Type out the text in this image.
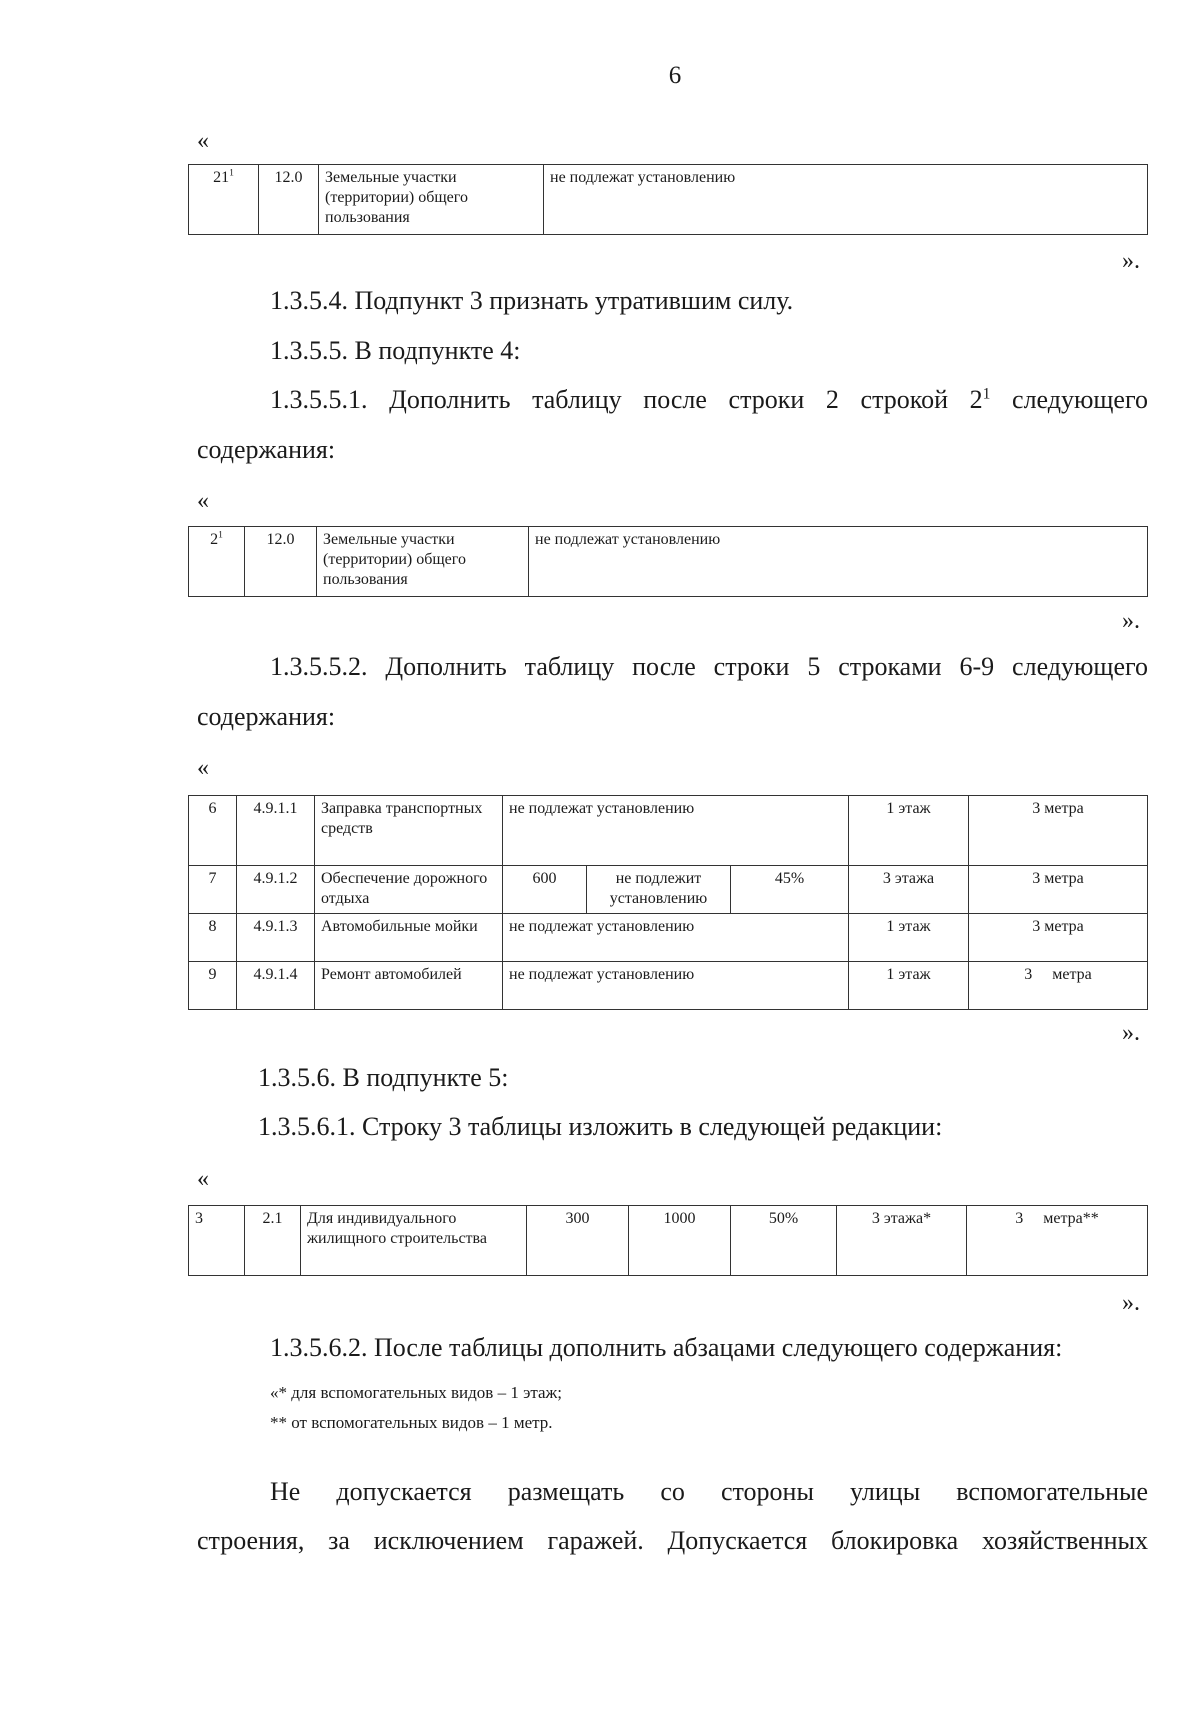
6
«
$21^1$	12.0	Земельные участки (территории) общего пользования	не подлежат установлению
».
1.3.5.4. Подпункт 3 признать утратившим силу.
1.3.5.5. В подпункте 4:
1.3.5.5.1. Дополнить таблицу после строки 2 строкой $2^1$ следующего
содержания:
«
$2^1$	12.0	Земельные участки (территории) общего пользования	не подлежат установлению
».
1.3.5.5.2. Дополнить таблицу после строки 5 строками 6-9 следующего
содержания:
«
6	4.9.1.1	Заправка транспортных средств	не подлежат установлению			1 этаж	3 метра
7	4.9.1.2	Обеспечение дорожного отдыха	600	не подлежит установлению	45%	3 этажа	3 метра
8	4.9.1.3	Автомобильные мойки	не подлежат установлению			1 этаж	3 метра
9	4.9.1.4	Ремонт автомобилей	не подлежат установлению			1 этаж	3     метра
».
1.3.5.6. В подпункте 5:
1.3.5.6.1. Строку 3 таблицы изложить в следующей редакции:
«
3	2.1	Для индивидуального жилищного строительства	300	1000	50%	3 этажа*	3     метра**
».
1.3.5.6.2. После таблицы дополнить абзацами следующего содержания:
«* для вспомогательных видов – 1 этаж;
** от вспомогательных видов – 1 метр.
Не допускается размещать со стороны улицы вспомогательные
строения, за исключением гаражей. Допускается блокировка хозяйственных
